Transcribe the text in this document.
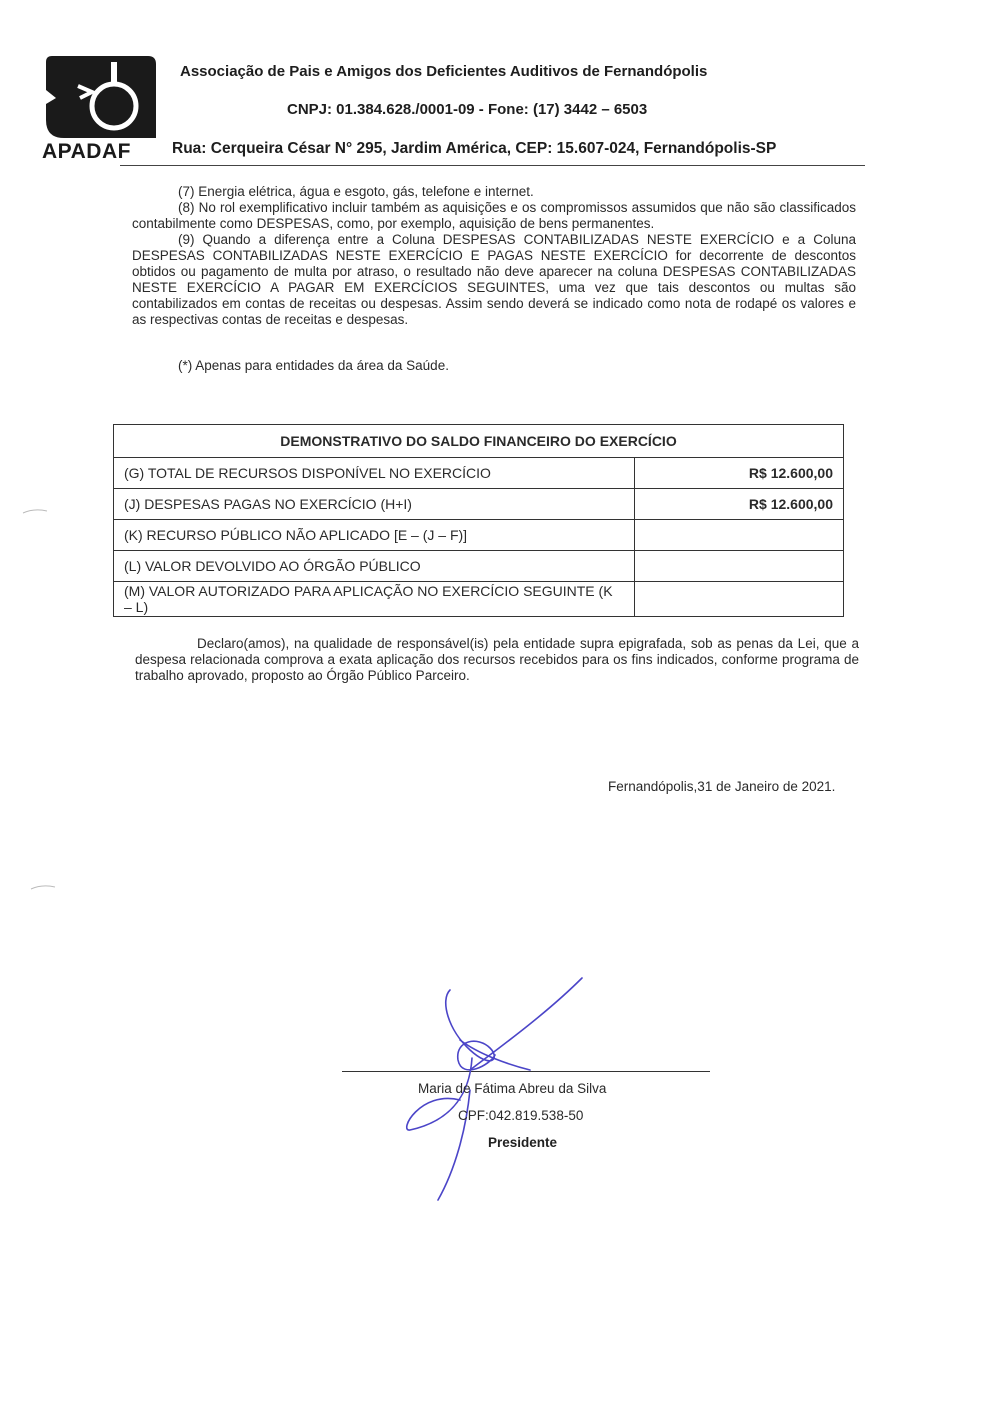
APADAF
Associação de Pais e Amigos dos Deficientes Auditivos de Fernandópolis
CNPJ: 01.384.628./0001-09 - Fone: (17) 3442 – 6503
Rua: Cerqueira César N° 295, Jardim América, CEP: 15.607-024, Fernandópolis-SP

(7) Energia elétrica, água e esgoto, gás, telefone e internet.

(8) No rol exemplificativo incluir também as aquisições e os compromissos assumidos que não são classificados contabilmente como DESPESAS, como, por exemplo, aquisição de bens permanentes.

(9) Quando a diferença entre a Coluna DESPESAS CONTABILIZADAS NESTE EXERCÍCIO e a Coluna DESPESAS CONTABILIZADAS NESTE EXERCÍCIO E PAGAS NESTE EXERCÍCIO for decorrente de descontos obtidos ou pagamento de multa por atraso, o resultado não deve aparecer na coluna DESPESAS CONTABILIZADAS NESTE EXERCÍCIO A PAGAR EM EXERCÍCIOS SEGUINTES, uma vez que tais descontos ou multas são contabilizados em contas de receitas ou despesas. Assim sendo deverá se indicado como nota de rodapé os valores e as respectivas contas de receitas e despesas.

(*) Apenas para entidades da área da Saúde.
DEMONSTRATIVO DO SALDO FINANCEIRO DO EXERCÍCIO	
(G) TOTAL DE RECURSOS DISPONÍVEL NO EXERCÍCIO	R$ 12.600,00
(J) DESPESAS PAGAS NO EXERCÍCIO (H+I)	R$ 12.600,00
(K) RECURSO PÚBLICO NÃO APLICADO [E – (J – F)]	
(L) VALOR DEVOLVIDO AO ÓRGÃO PÚBLICO	
(M) VALOR AUTORIZADO PARA APLICAÇÃO NO EXERCÍCIO SEGUINTE (K – L)	

Declaro(amos), na qualidade de responsável(is) pela entidade supra epigrafada, sob as penas da Lei, que a despesa relacionada comprova a exata aplicação dos recursos recebidos para os fins indicados, conforme programa de trabalho aprovado, proposto ao Órgão Público Parceiro.

Fernandópolis,31 de Janeiro de 2021.
Maria de Fátima Abreu da Silva
CPF:042.819.538-50
Presidente
